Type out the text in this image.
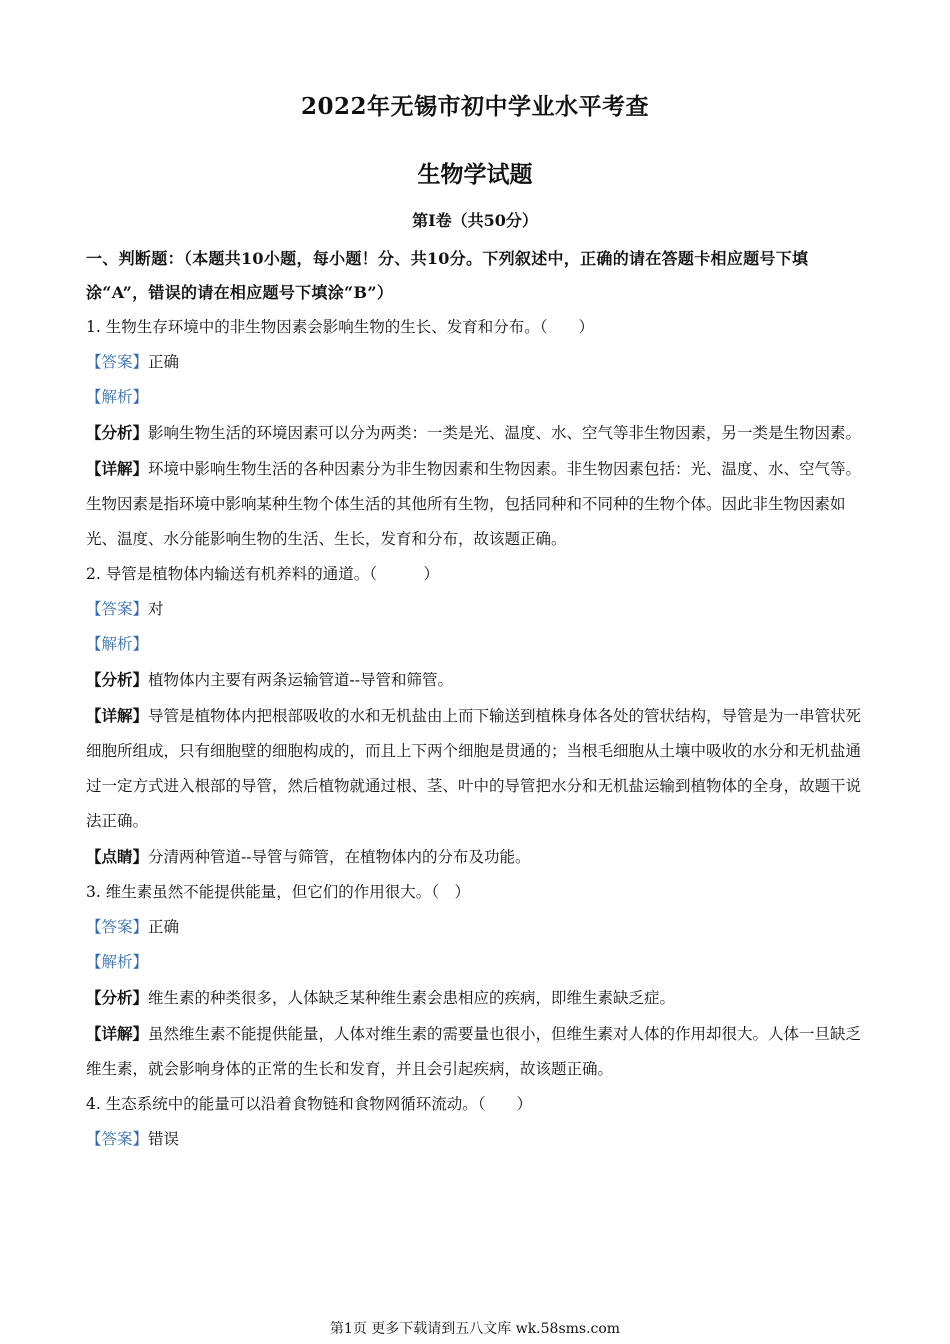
2022年无锡市初中学业水平考查
生物学试题
第Ⅰ卷（共50分）

一、判断题：（本题共10小题，每小题！分、共10分。下列叙述中，正确的请在答题卡相应题号下填涂“A”，错误的请在相应题号下填涂“B”）

1. 生物生存环境中的非生物因素会影响生物的生长、发育和分布。（　　）

【答案】正确

【解析】

【分析】影响生物生活的环境因素可以分为两类：一类是光、温度、水、空气等非生物因素，另一类是生物因素。

【详解】环境中影响生物生活的各种因素分为非生物因素和生物因素。非生物因素包括：光、温度、水、空气等。生物因素是指环境中影响某种生物个体生活的其他所有生物，包括同种和不同种的生物个体。因此非生物因素如光、温度、水分能影响生物的生活、生长，发育和分布，故该题正确。

2. 导管是植物体内输送有机养料的通道。（　　　）

【答案】对

【解析】

【分析】植物体内主要有两条运输管道--导管和筛管。

【详解】导管是植物体内把根部吸收的水和无机盐由上而下输送到植株身体各处的管状结构，导管是为一串管状死细胞所组成，只有细胞壁的细胞构成的，而且上下两个细胞是贯通的；当根毛细胞从土壤中吸收的水分和无机盐通过一定方式进入根部的导管，然后植物就通过根、茎、叶中的导管把水分和无机盐运输到植物体的全身，故题干说法正确。

【点睛】分清两种管道--导管与筛管，在植物体内的分布及功能。

3. 维生素虽然不能提供能量，但它们的作用很大。（　）

【答案】正确

【解析】

【分析】维生素的种类很多，人体缺乏某种维生素会患相应的疾病，即维生素缺乏症。

【详解】虽然维生素不能提供能量，人体对维生素的需要量也很小，但维生素对人体的作用却很大。人体一旦缺乏维生素，就会影响身体的正常的生长和发育，并且会引起疾病，故该题正确。

4. 生态系统中的能量可以沿着食物链和食物网循环流动。（　　）

【答案】错误

第1页 更多下载请到五八文库 wk.58sms.com
